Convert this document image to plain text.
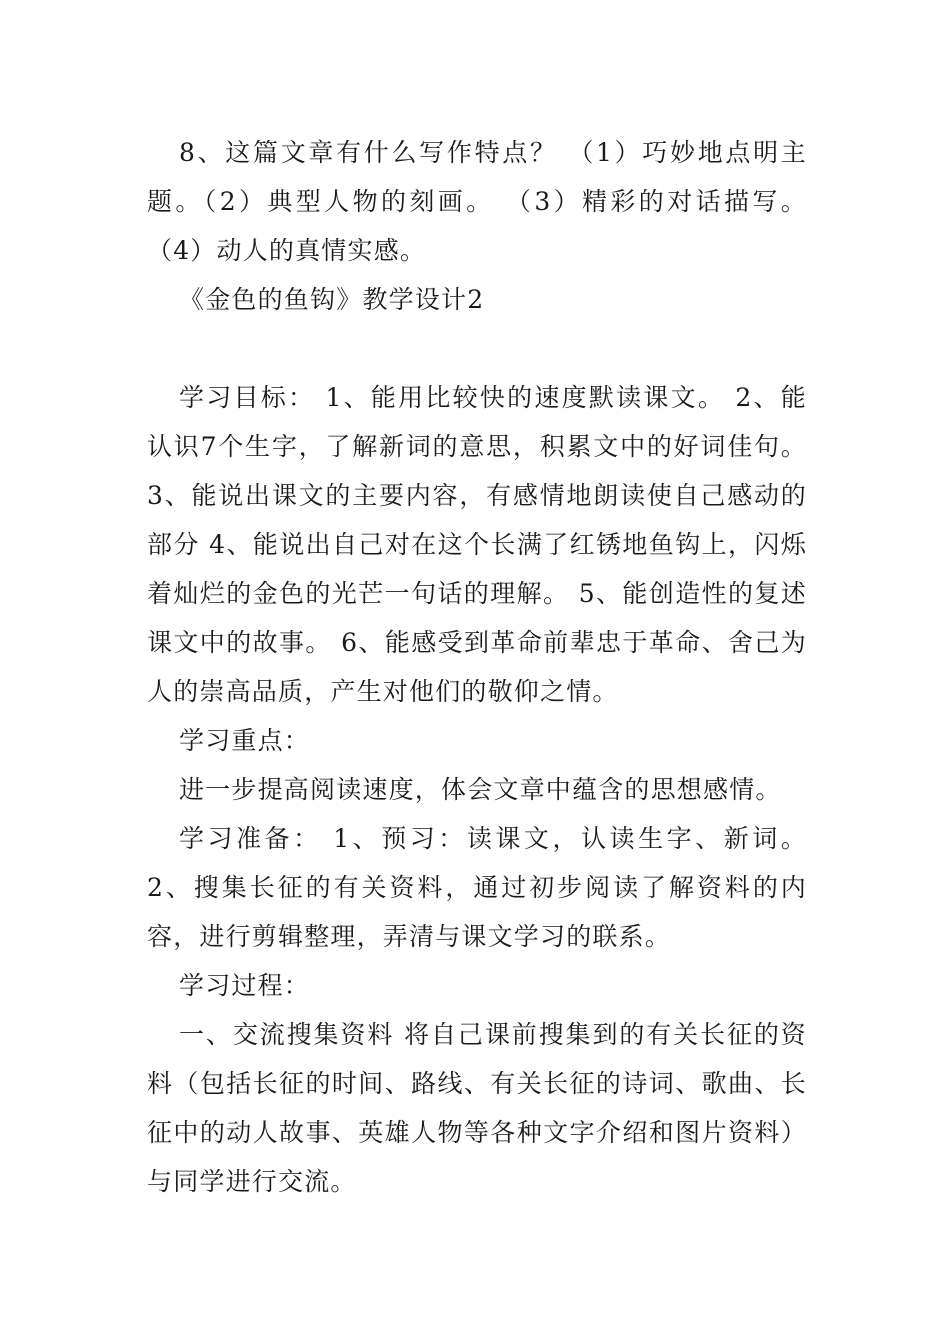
8、这篇文章有什么写作特点？ （1）巧妙地点明主题。（2）典型人物的刻画。 （3）精彩的对话描写。 （4）动人的真情实感。

《金色的鱼钩》教学设计2

学习目标： 1、能用比较快的速度默读课文。 2、能认识7个生字，了解新词的意思，积累文中的好词佳句。 3、能说出课文的主要内容，有感情地朗读使自己感动的部分 4、能说出自己对在这个长满了红锈地鱼钩上，闪烁着灿烂的金色的光芒一句话的理解。 5、能创造性的复述课文中的故事。 6、能感受到革命前辈忠于革命、舍己为人的崇高品质，产生对他们的敬仰之情。

学习重点：

进一步提高阅读速度，体会文章中蕴含的思想感情。

学习准备： 1、预习：读课文，认读生字、新词。 2、搜集长征的有关资料，通过初步阅读了解资料的内容，进行剪辑整理，弄清与课文学习的联系。

学习过程：

一、交流搜集资料 将自己课前搜集到的有关长征的资料（包括长征的时间、路线、有关长征的诗词、歌曲、长征中的动人故事、英雄人物等各种文字介绍和图片资料）与同学进行交流。
